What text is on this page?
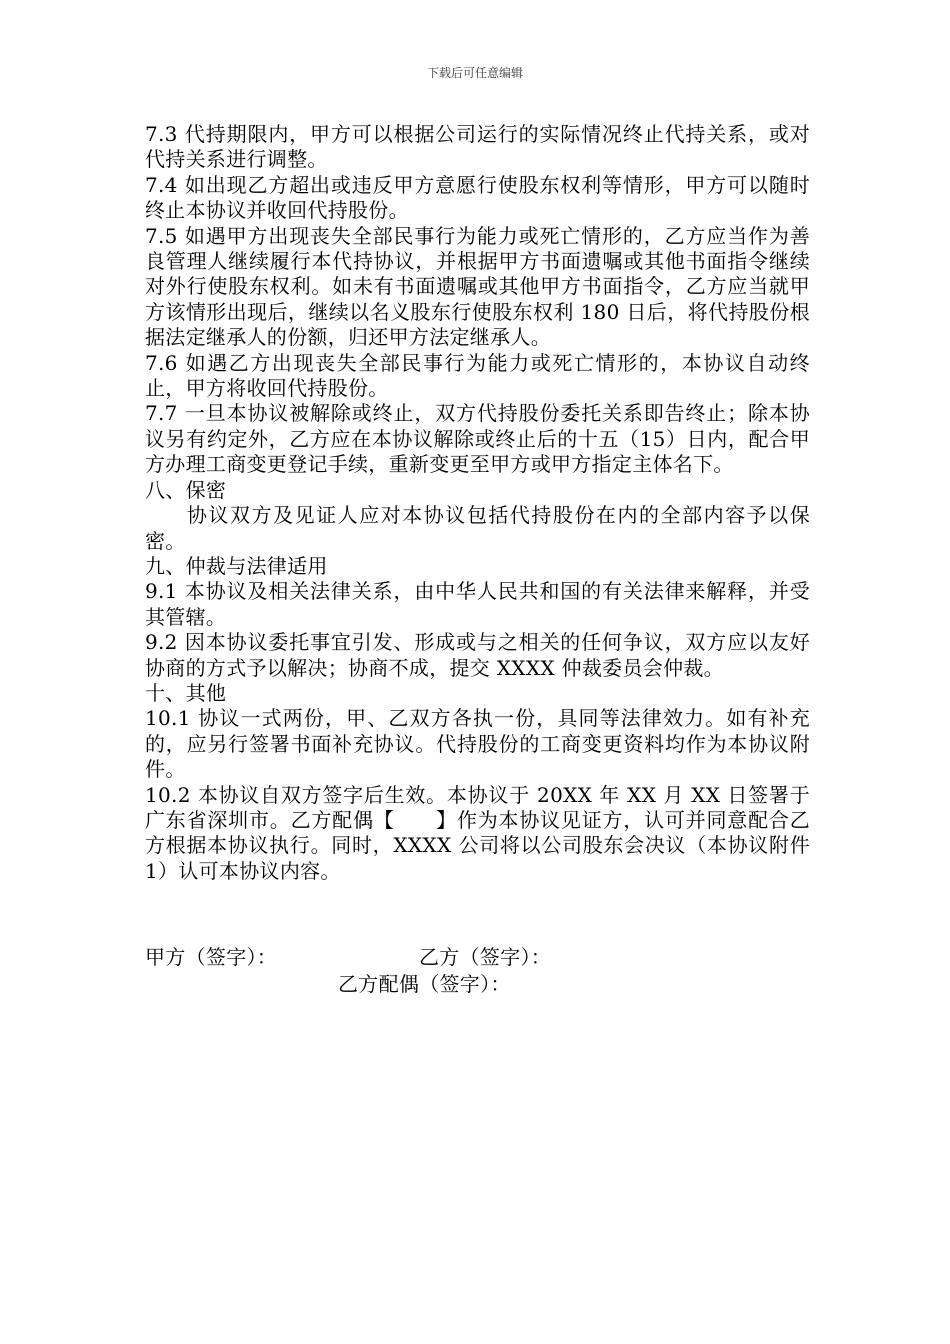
下载后可任意编辑

7.3 代持期限内，甲方可以根据公司运行的实际情况终止代持关系，或对代持关系进行调整。

7.4 如出现乙方超出或违反甲方意愿行使股东权利等情形，甲方可以随时终止本协议并收回代持股份。

7.5 如遇甲方出现丧失全部民事行为能力或死亡情形的，乙方应当作为善良管理人继续履行本代持协议，并根据甲方书面遗嘱或其他书面指令继续对外行使股东权利。如未有书面遗嘱或其他甲方书面指令，乙方应当就甲方该情形出现后，继续以名义股东行使股东权利 180 日后，将代持股份根据法定继承人的份额，归还甲方法定继承人。

7.6 如遇乙方出现丧失全部民事行为能力或死亡情形的，本协议自动终止，甲方将收回代持股份。

7.7 一旦本协议被解除或终止，双方代持股份委托关系即告终止；除本协议另有约定外，乙方应在本协议解除或终止后的十五（15）日内，配合甲方办理工商变更登记手续，重新变更至甲方或甲方指定主体名下。

八、保密

协议双方及见证人应对本协议包括代持股份在内的全部内容予以保密。

九、仲裁与法律适用

9.1 本协议及相关法律关系，由中华人民共和国的有关法律来解释，并受其管辖。

9.2 因本协议委托事宜引发、形成或与之相关的任何争议，双方应以友好协商的方式予以解决；协商不成，提交 XXXX 仲裁委员会仲裁。

十、其他

10.1 协议一式两份，甲、乙双方各执一份，具同等法律效力。如有补充的，应另行签署书面补充协议。代持股份的工商变更资料均作为本协议附件。

10.2 本协议自双方签字后生效。本协议于 20XX 年 XX 月 XX 日签署于广东省深圳市。乙方配偶【　　】作为本协议见证方，认可并同意配合乙方根据本协议执行。同时，XXXX 公司将以公司股东会决议（本协议附件 1）认可本协议内容。

甲方（签字）：	乙方（签字）：
乙方配偶（签字）：
